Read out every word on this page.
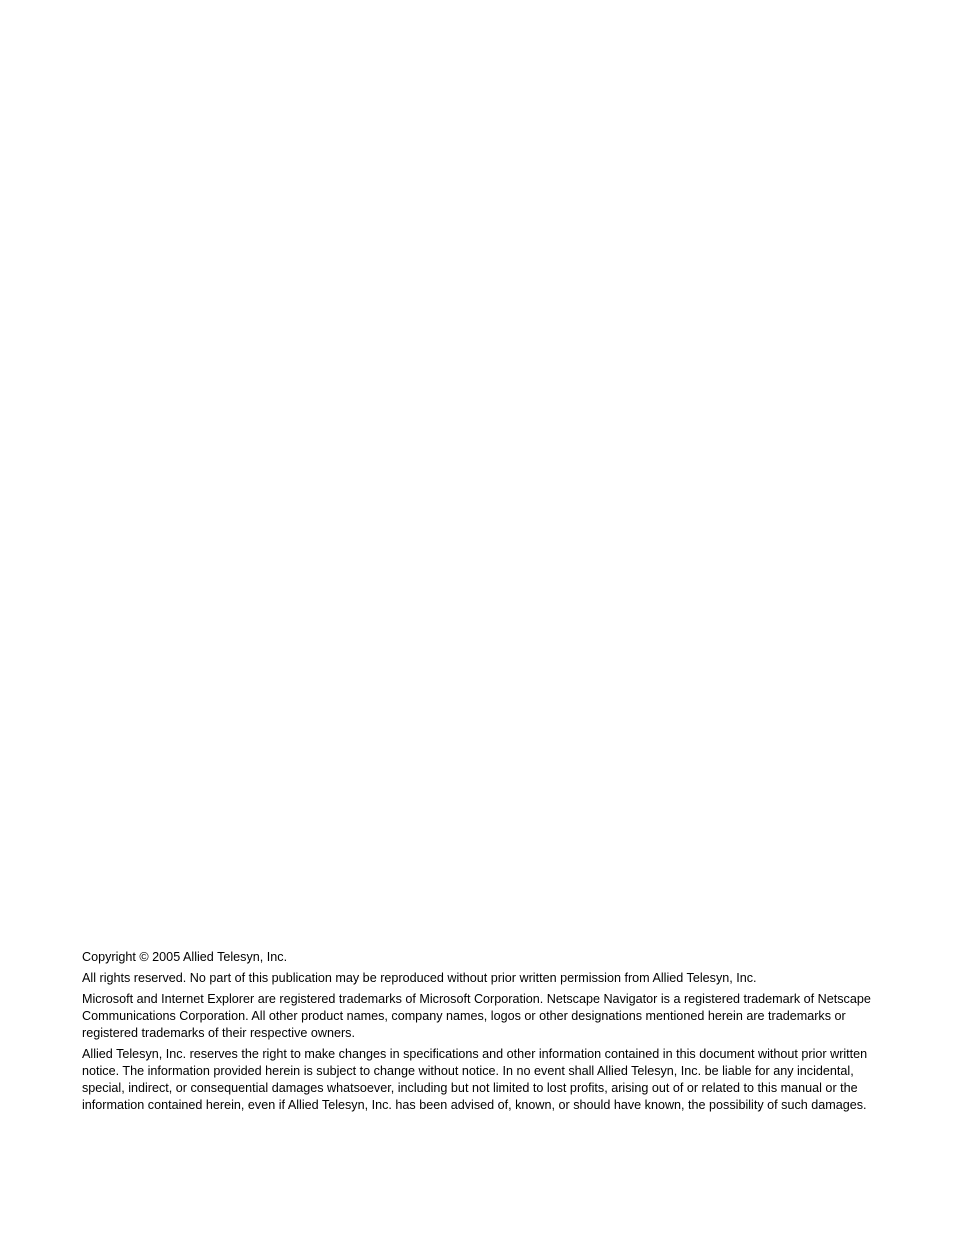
Copyright © 2005 Allied Telesyn, Inc.

All rights reserved. No part of this publication may be reproduced without prior written permission from Allied Telesyn, Inc.

Microsoft and Internet Explorer are registered trademarks of Microsoft Corporation. Netscape Navigator is a registered trademark of Netscape Communications Corporation. All other product names, company names, logos or other designations mentioned herein are trademarks or registered trademarks of their respective owners.

Allied Telesyn, Inc. reserves the right to make changes in specifications and other information contained in this document without prior written notice. The information provided herein is subject to change without notice. In no event shall Allied Telesyn, Inc. be liable for any incidental, special, indirect, or consequential damages whatsoever, including but not limited to lost profits, arising out of or related to this manual or the information contained herein, even if Allied Telesyn, Inc. has been advised of, known, or should have known, the possibility of such damages.
